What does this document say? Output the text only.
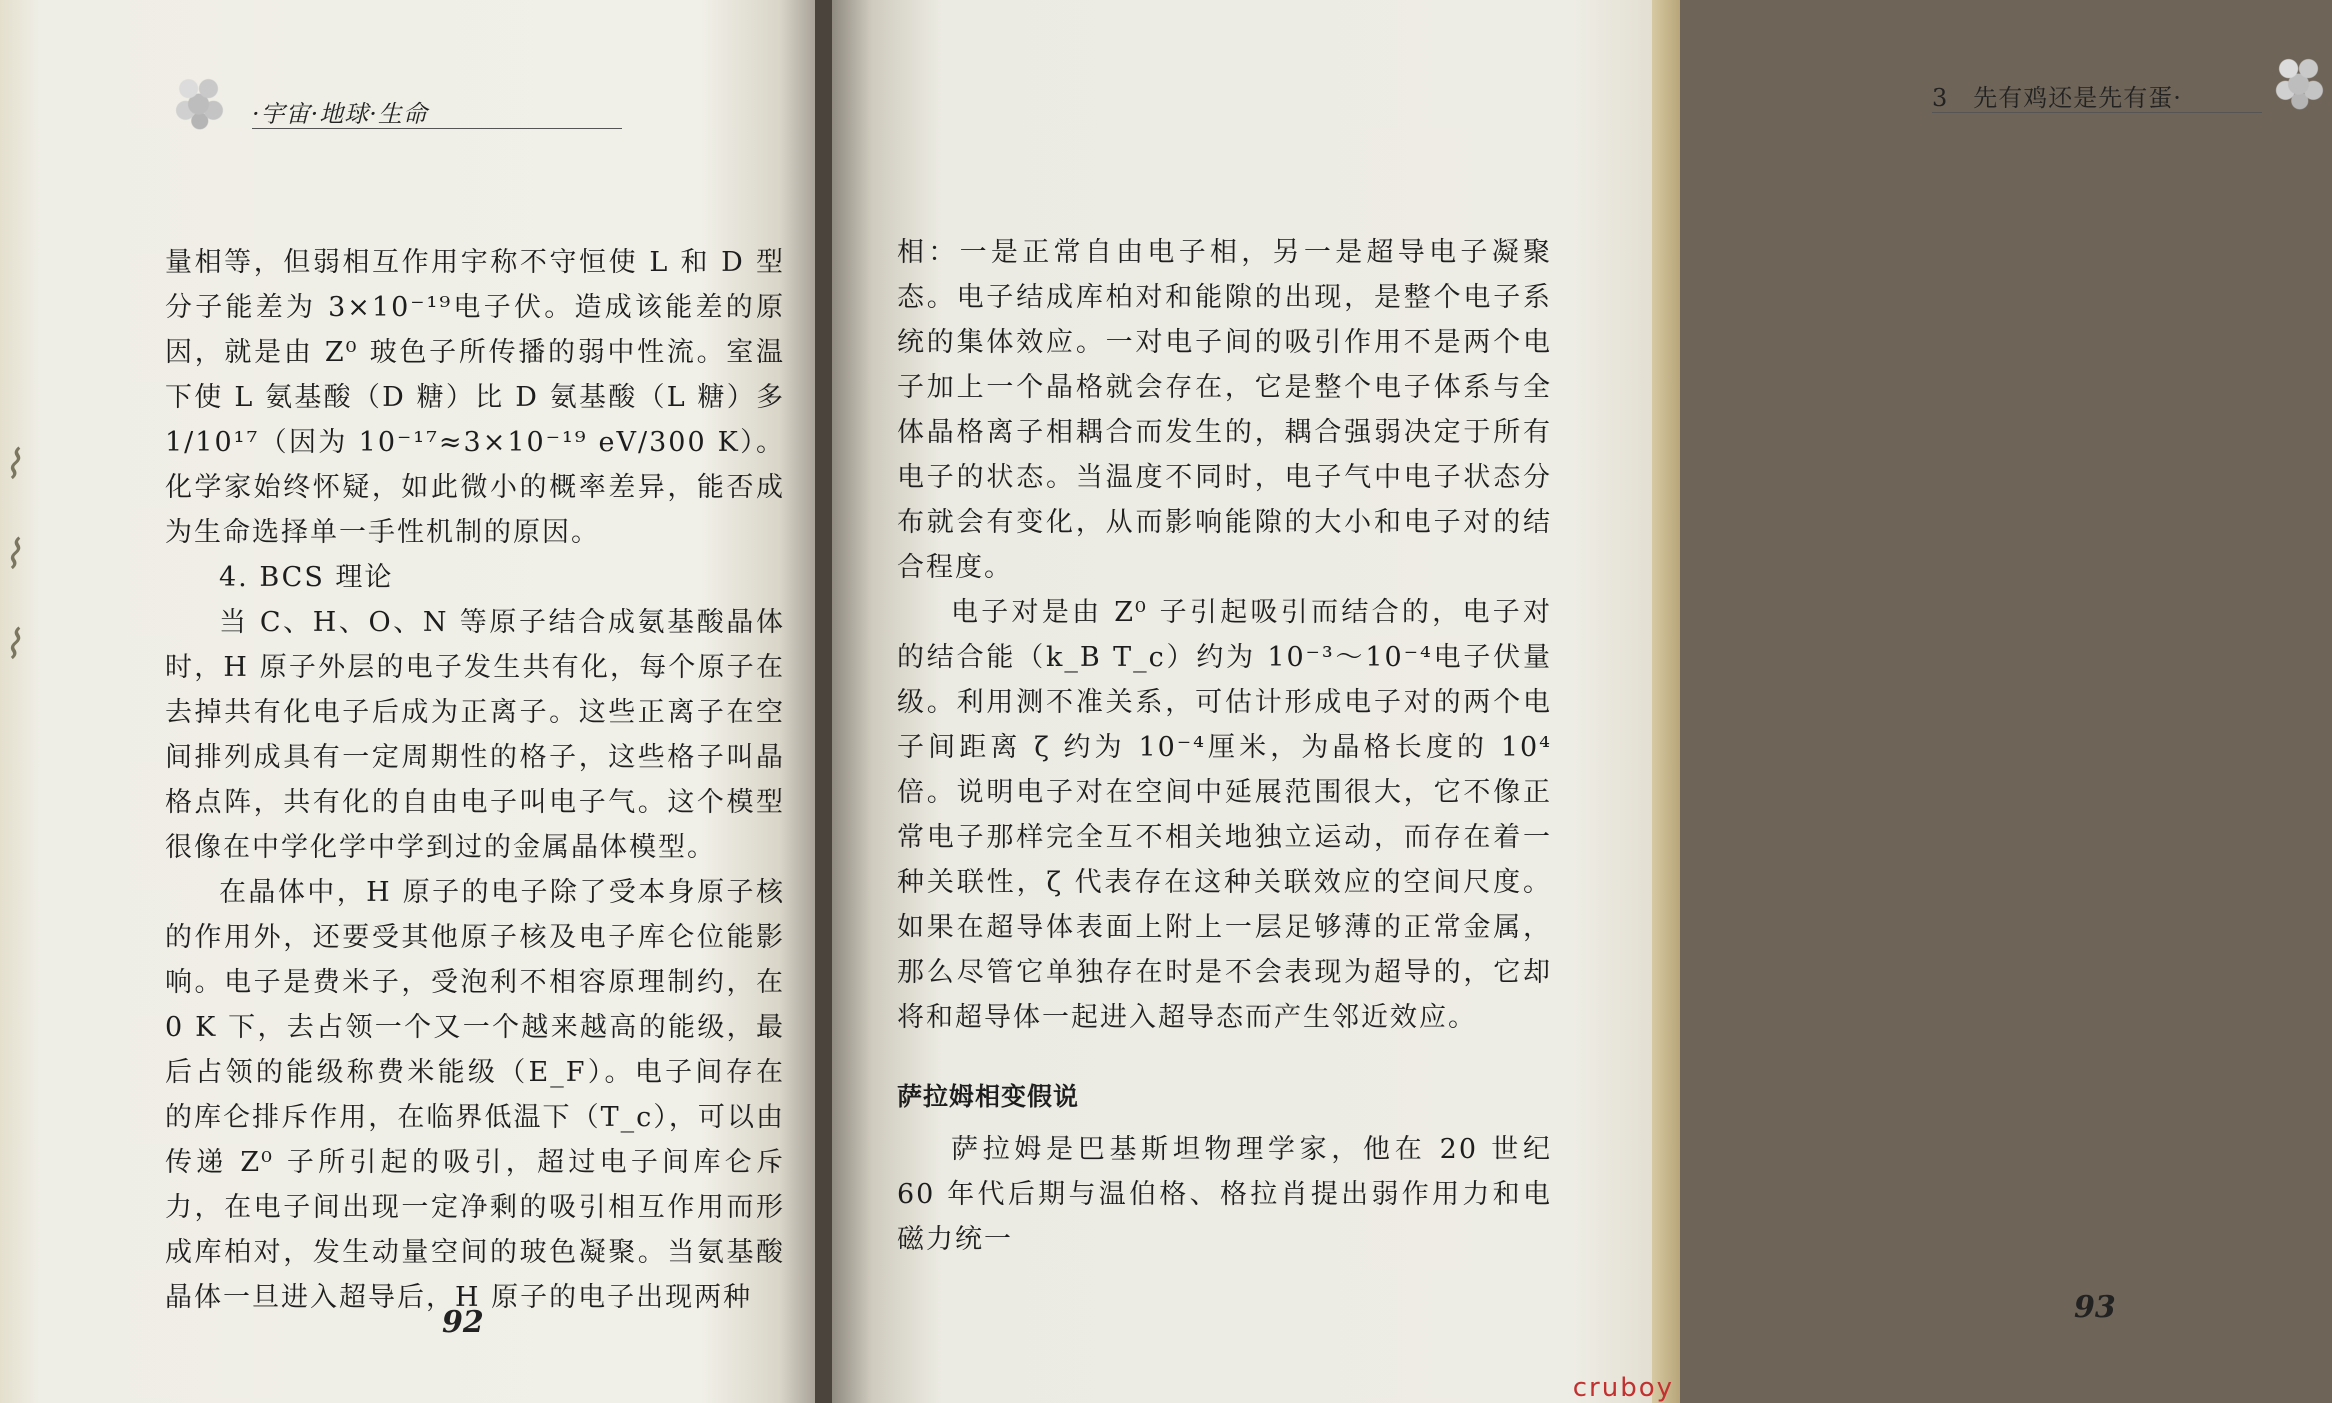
⌇
⌇
⌇
·宇宙·地球·生命

量相等，但弱相互作用宇称不守恒使 L 和 D 型分子能差为 3×10⁻¹⁹电子伏。造成该能差的原因，就是由 Z⁰ 玻色子所传播的弱中性流。室温下使 L 氨基酸（D 糖）比 D 氨基酸（L 糖）多 1/10¹⁷（因为 10⁻¹⁷≈3×10⁻¹⁹ eV/300 K）。化学家始终怀疑，如此微小的概率差异，能否成为生命选择单一手性机制的原因。

4. BCS 理论

当 C、H、O、N 等原子结合成氨基酸晶体时，H 原子外层的电子发生共有化，每个原子在去掉共有化电子后成为正离子。这些正离子在空间排列成具有一定周期性的格子，这些格子叫晶格点阵，共有化的自由电子叫电子气。这个模型很像在中学化学中学到过的金属晶体模型。

在晶体中，H 原子的电子除了受本身原子核的作用外，还要受其他原子核及电子库仑位能影响。电子是费米子，受泡利不相容原理制约，在 0 K 下，去占领一个又一个越来越高的能级，最后占领的能级称费米能级（E_F）。电子间存在的库仑排斥作用，在临界低温下（T_c），可以由传递 Z⁰ 子所引起的吸引，超过电子间库仑斥力，在电子间出现一定净剩的吸引相互作用而形成库柏对，发生动量空间的玻色凝聚。当氨基酸晶体一旦进入超导后，H 原子的电子出现两种

92
3　先有鸡还是先有蛋·

相：一是正常自由电子相，另一是超导电子凝聚态。电子结成库柏对和能隙的出现，是整个电子系统的集体效应。一对电子间的吸引作用不是两个电子加上一个晶格就会存在，它是整个电子体系与全体晶格离子相耦合而发生的，耦合强弱决定于所有电子的状态。当温度不同时，电子气中电子状态分布就会有变化，从而影响能隙的大小和电子对的结合程度。

电子对是由 Z⁰ 子引起吸引而结合的，电子对的结合能（k_B T_c）约为 10⁻³～10⁻⁴电子伏量级。利用测不准关系，可估计形成电子对的两个电子间距离 ζ 约为 10⁻⁴厘米，为晶格长度的 10⁴ 倍。说明电子对在空间中延展范围很大，它不像正常电子那样完全互不相关地独立运动，而存在着一种关联性，ζ 代表存在这种关联效应的空间尺度。如果在超导体表面上附上一层足够薄的正常金属，那么尽管它单独存在时是不会表现为超导的，它却将和超导体一起进入超导态而产生邻近效应。

萨拉姆相变假说

萨拉姆是巴基斯坦物理学家，他在 20 世纪 60 年代后期与温伯格、格拉肖提出弱作用力和电磁力统一

93
cruboy
